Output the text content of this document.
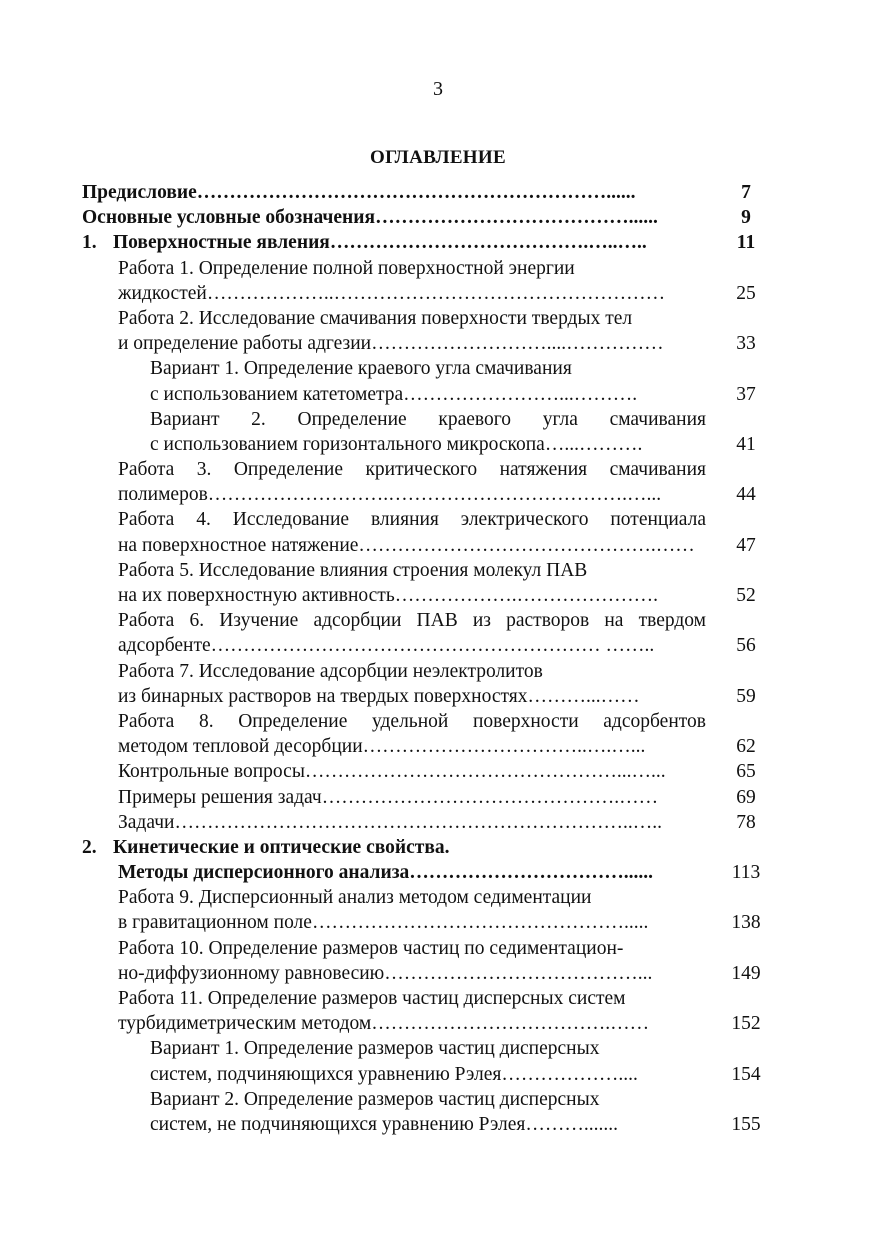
3
ОГЛАВЛЕНИЕ
Предисловие………………………………………………………......	7
Основные условные обозначения…………………………………......	9
1. Поверхностные явления………………………………….…..…..	11
Работа 1. Определение полной поверхностной энергии
жидкостей………………..……………………………………………	25
Работа 2. Исследование смачивания поверхности твердых тел
и определение работы адгезии………………………....……………	33
Вариант 1. Определение краевого угла смачивания
с использованием катетометра……………………...……….	37
Вариант 2. Определение краевого угла смачивания
с использованием горизонтального микроскопа…...……….	41
Работа 3. Определение критического натяжения смачивания
полимеров……………………….……………………………….…...	44
Работа 4. Исследование влияния электрического потенциала
на поверхностное натяжение……………………………………….……	47
Работа 5. Исследование влияния строения молекул ПАВ
на их поверхностную активность……………….………………….	52
Работа 6. Изучение адсорбции ПАВ из растворов на твердом
адсорбенте…………………………………………………… ……..	56
Работа 7. Исследование адсорбции неэлектролитов
из бинарных растворов на твердых поверхностях………...……	59
Работа 8. Определение удельной поверхности адсорбентов
методом тепловой десорбции……………………………..….…...	62
Контрольные вопросы…………………………………………...…...	65
Примеры решения задач……………………………………….……	69
Задачи……………………………………………………………..…..	78
2. Кинетические и оптические свойства.
Методы дисперсионного анализа……………………………......	113
Работа 9. Дисперсионный анализ методом седиментации
в гравитационном поле………………………………………….....	138
Работа 10. Определение размеров частиц по седиментацион-
но-диффузионному равновесию…………………………………...	149
Работа 11. Определение размеров частиц дисперсных систем
турбидиметрическим методом……………………………….……	152
Вариант 1. Определение размеров частиц дисперсных
систем, подчиняющихся уравнению Рэлея………………....	154
Вариант 2. Определение размеров частиц дисперсных
систем, не подчиняющихся уравнению Рэлея……….......	155
